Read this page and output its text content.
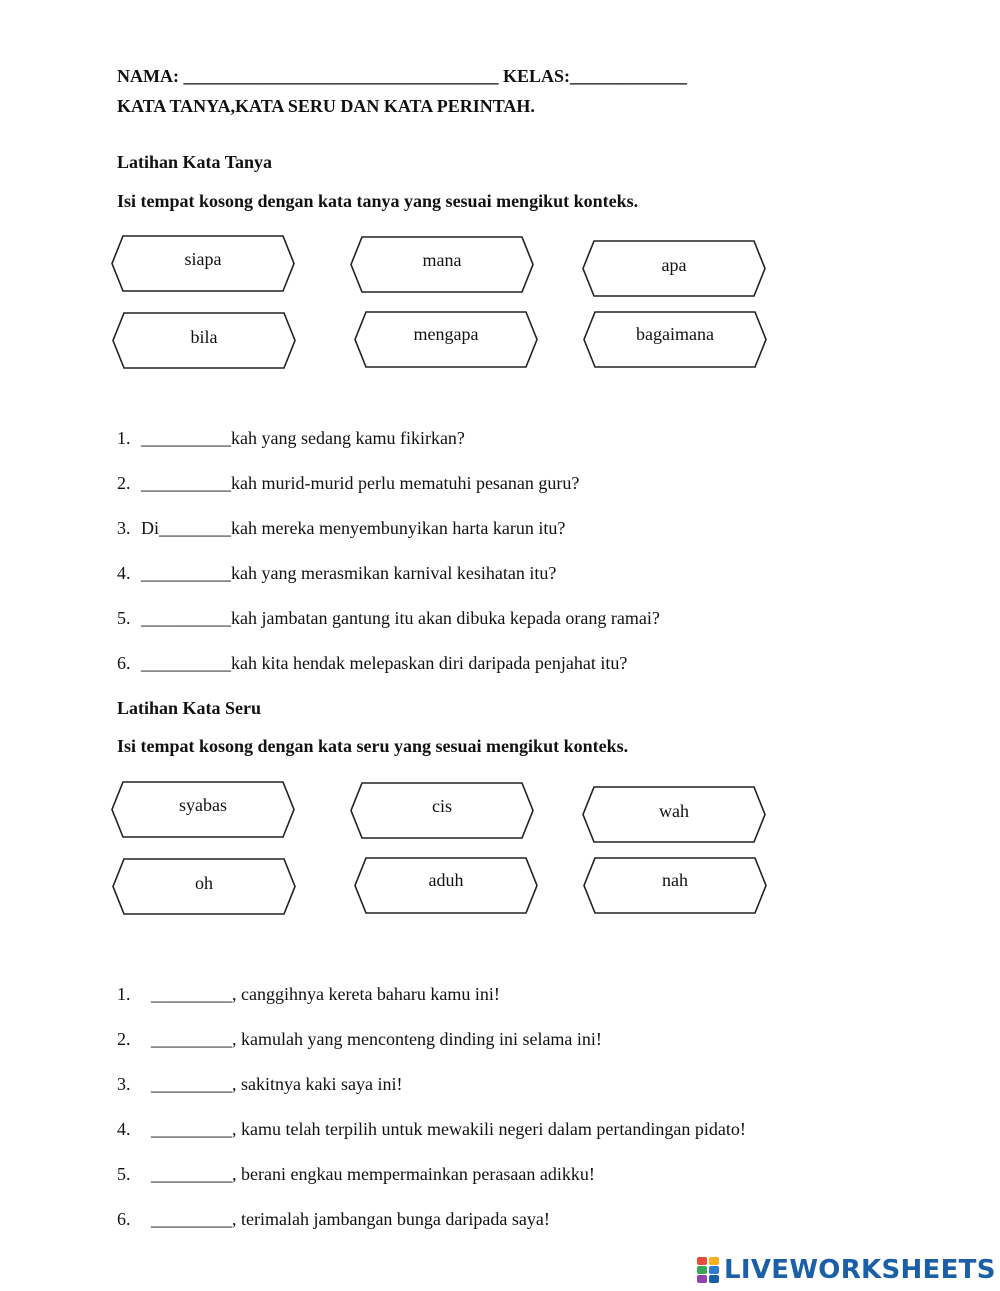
NAMA: ___________________________________ KELAS:_____________
KATA TANYA,KATA SERU DAN KATA PERINTAH.
Latihan Kata Tanya
Isi tempat kosong dengan kata tanya yang sesuai mengikut konteks.
siapa	mana	apa
bila	mengapa	bagaimana
1. __________kah yang sedang kamu fikirkan?
2. __________kah murid-murid perlu mematuhi pesanan guru?
3. Di________kah mereka menyembunyikan harta karun itu?
4. __________kah yang merasmikan karnival kesihatan itu?
5. __________kah jambatan gantung itu akan dibuka kepada orang ramai?
6. __________kah kita hendak melepaskan diri daripada penjahat itu?
Latihan Kata Seru
Isi tempat kosong dengan kata seru yang sesuai mengikut konteks.
syabas	cis	wah
oh	aduh	nah
1. _________, canggihnya kereta baharu kamu ini!
2. _________, kamulah yang menconteng dinding ini selama ini!
3. _________, sakitnya kaki saya ini!
4. _________, kamu telah terpilih untuk mewakili negeri dalam pertandingan pidato!
5. _________, berani engkau mempermainkan perasaan adikku!
6. _________, terimalah jambangan bunga daripada saya!
LIVEWORKSHEETS
